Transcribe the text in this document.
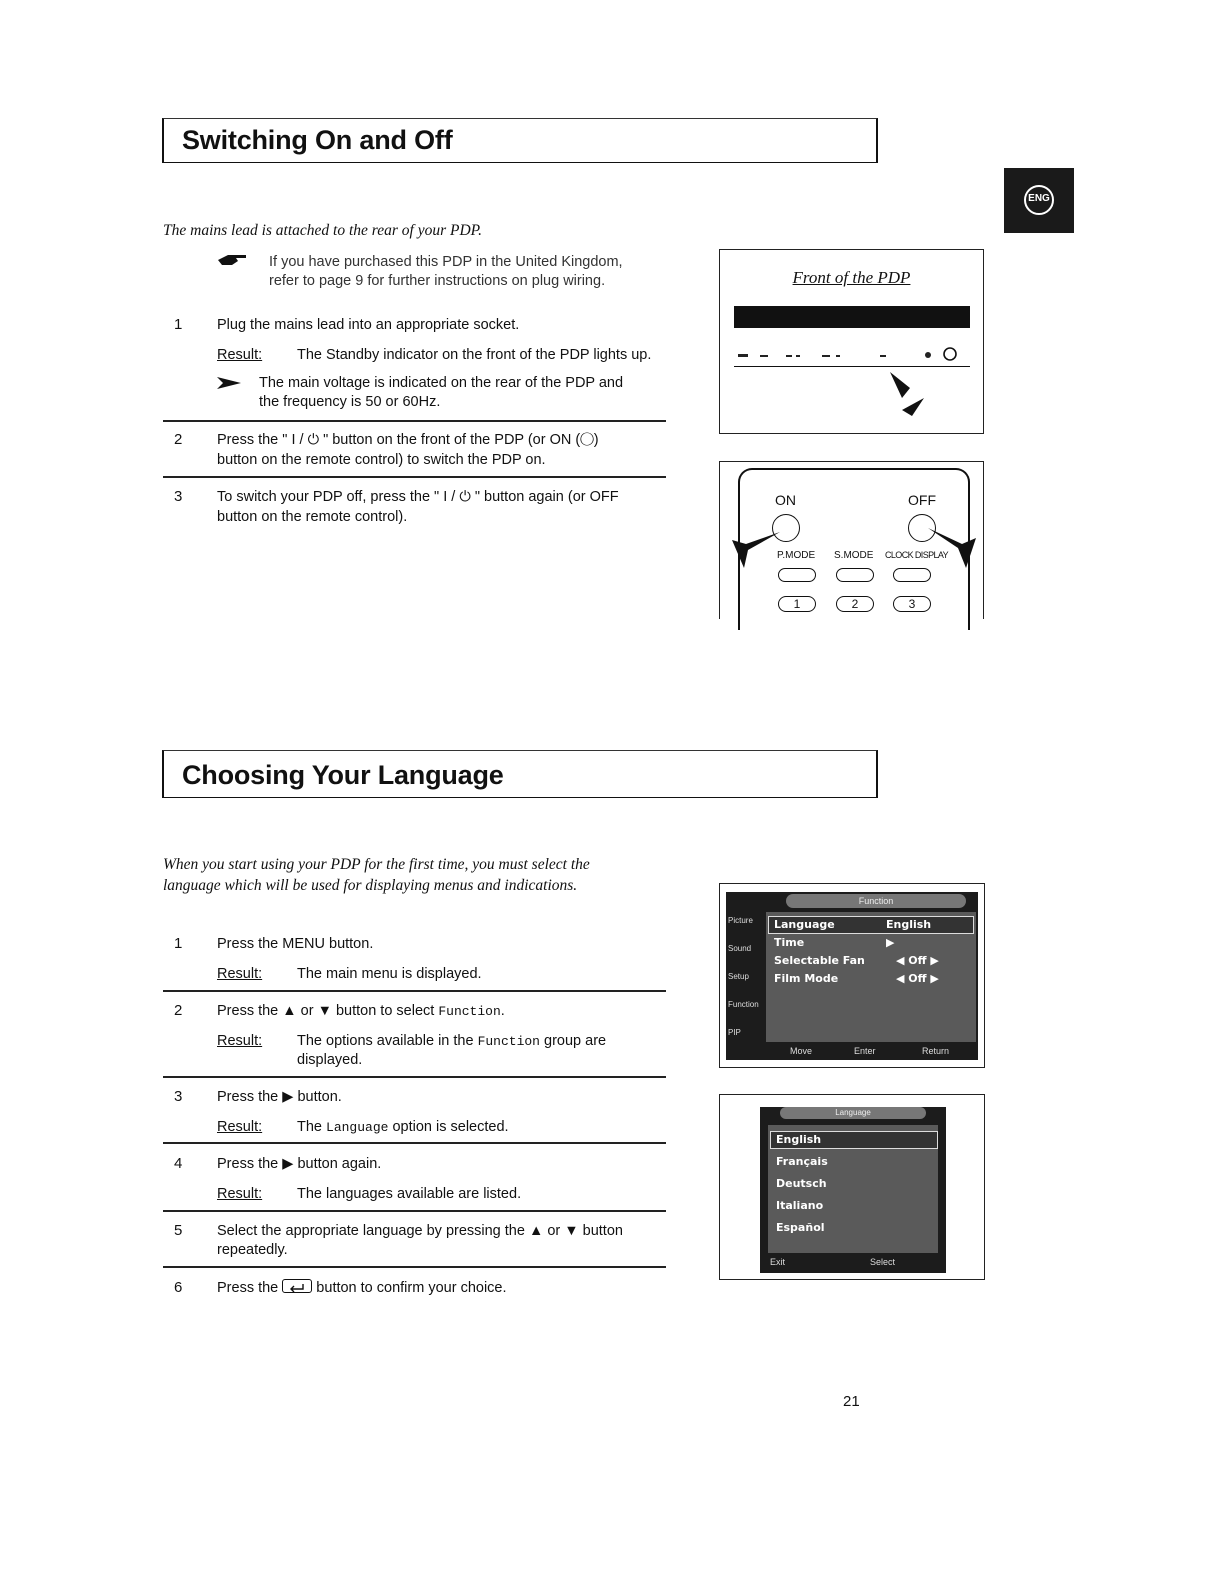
Switching On and Off
ENG
The mains lead is attached to the rear of your PDP.
If you have purchased this PDP in the United Kingdom,
refer to page 9 for further instructions on plug wiring.
1 Plug the mains lead into an appropriate socket.
Result: The Standby indicator on the front of the PDP lights up.
The main voltage is indicated on the rear of the PDP and
the frequency is 50 or 60Hz.
2 Press the " I / ⏻ " button on the front of the PDP (or ON (◯)
button on the remote control) to switch the PDP on.
3 To switch your PDP off, press the " I / ⏻ " button again (or OFF
button on the remote control).
Front of the PDP
ON	OFF
P.MODE S.MODE CLOCK DISPLAY
1	2	3
Choosing Your Language
When you start using your PDP for the first time, you must select the
language which will be used for displaying menus and indications.
1 Press the MENU button.
Result: The main menu is displayed.
2 Press the ▲ or ▼ button to select Function.
Result: The options available in the Function group are
displayed.
3 Press the ▶ button.
Result: The Language option is selected.
4 Press the ▶ button again.
Result: The languages available are listed.
5 Select the appropriate language by pressing the ▲ or ▼ button
repeatedly.
6 Press the  button to confirm your choice.
Function
Picture
Sound
Setup
Function
PIP
Language	English
Time	▶
Selectable Fan	◀ Off ▶
Film Mode	◀ Off ▶
Move	Enter	Return
Language
English
Français
Deutsch
Italiano
Español
Exit	Select
21
